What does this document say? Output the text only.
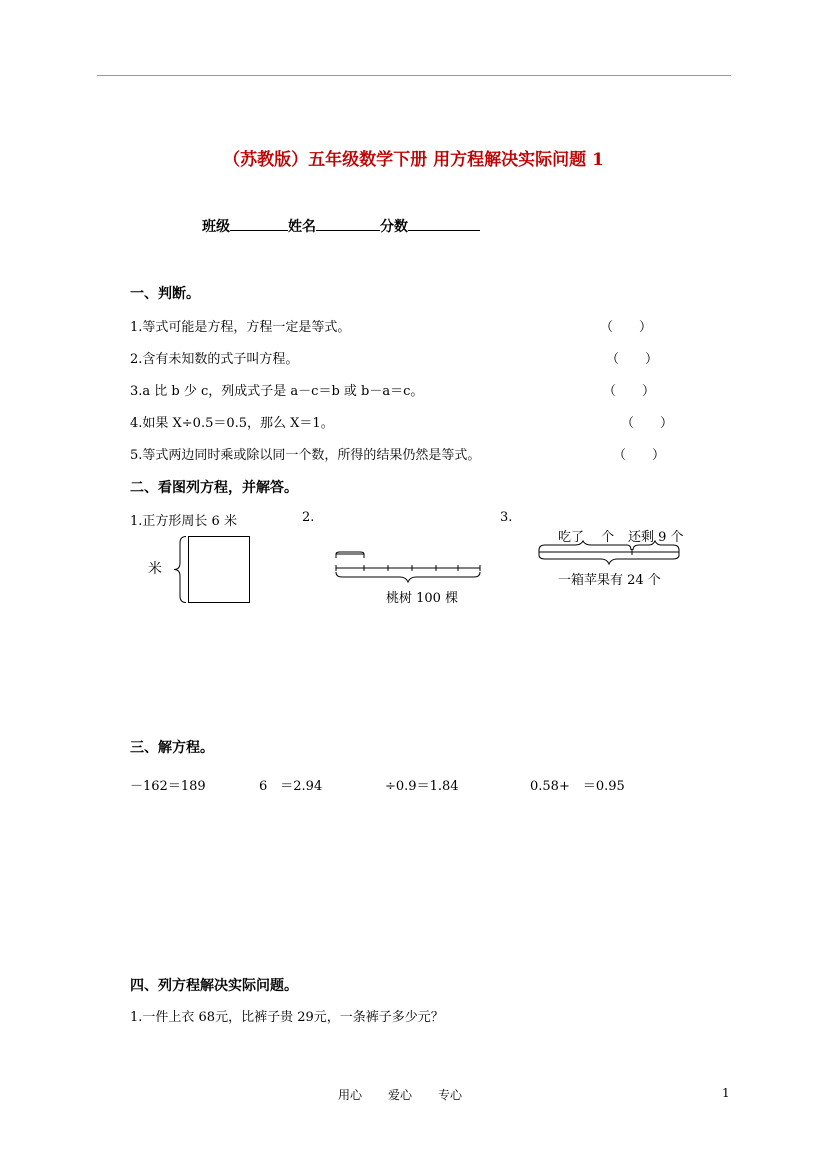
（苏教版）五年级数学下册 用方程解决实际问题 1
班级	姓名	分数
一、判断。
1.等式可能是方程，方程一定是等式。	（　　）
2.含有未知数的式子叫方程。	（　　）
3.a 比 b 少 c，列成式子是 a－c＝b 或 b－a＝c。	（　　）
4.如果 X÷0.5＝0.5，那么 X＝1。	（　　）
5.等式两边同时乘或除以同一个数，所得的结果仍然是等式。	（　　）
二、看图列方程，并解答。
1.正方形周长 6 米
米
2.
桃树 100 棵
3.
吃了　 个 还剩 9 个
一箱苹果有 24 个
三、解方程。
－162＝189	6　＝2.94	÷0.9＝1.84	0.58+　＝0.95
四、列方程解决实际问题。
1.一件上衣 68元，比裤子贵 29元，一条裤子多少元？
用心 爱心 专心	1
